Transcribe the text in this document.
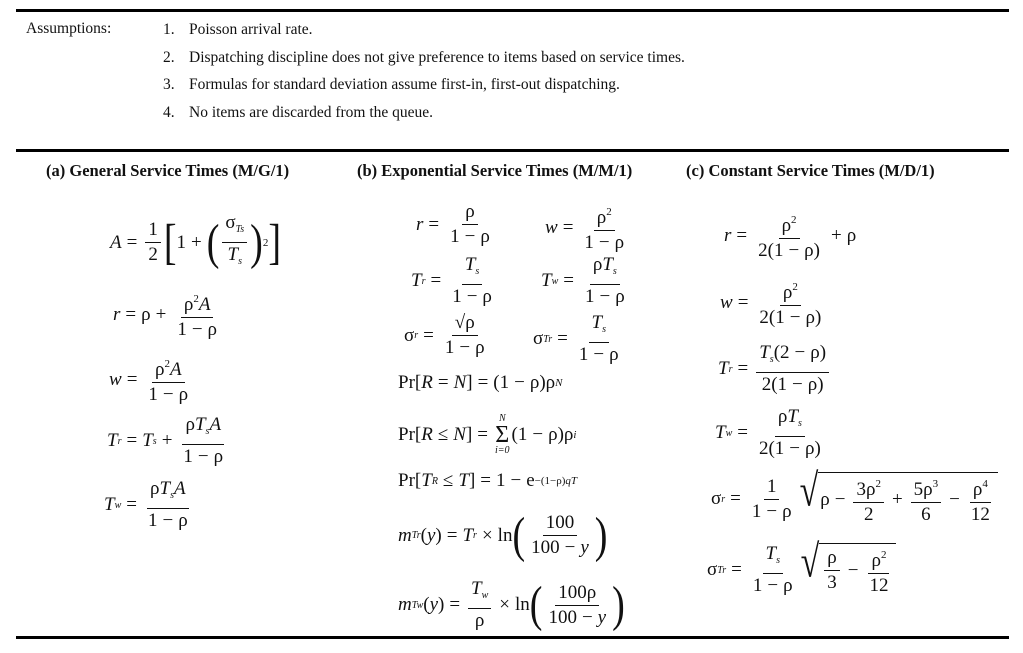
Assumptions:	1. Poisson arrival rate.
2. Dispatching discipline does not give preference to items based on service times.
3. Formulas for standard deviation assume first-in, first-out dispatching.
4. No items are discarded from the queue.
(a) General Service Times (M/G/1)	(b) Exponential Service Times (M/M/1)	(c) Constant Service Times (M/D/1)
$A = \frac{1}{2}$ [ 1 + ( $\frac{\sigma_{Ts}}{T_s}$ ) 2 ]
$r = \rho + \frac{\rho^2A}{1 - \rho}$
$w = \frac{\rho^2A}{1 - \rho}$
T r = T $s + \frac{\rho T_sA}{1 - \rho}$
T $w = \frac{\rho T_sA}{1 - \rho}$
$r = \frac{\rho}{1 - \rho}$	$w = \frac{\rho^2}{1 - \rho}$
T $r = \frac{T_s}{1 - \rho}$ T $w = \frac{\rho T_s}{1 - \rho}$
σ $r = \frac{√\rho}{1 - \rho}$ σ $Tr = \frac{T_s}{1 - \rho}$
Pr [ R = N ] = ( 1 − ρ ) ρ N
Pr [ R ≤ N ] =
N
Σ
i=0
( 1 − ρ ) ρ i
Pr [ T R ≤ T ] = 1 − e −(1−ρ)qT
m Tr ( y ) = T r × ln ( $\frac{100}{100 - y}$ )
m Tw ( y ) = $\frac{T_w}{\rho} \times \ln$ ( $\frac{100\rho}{100 - y}$ )
$r = \frac{\rho^2}{2(1 - \rho)} + \rho$
$w = \frac{\rho^2}{2(1 - \rho)}$
T $r = \frac{T_s(2 - \rho)}{2(1 - \rho)}$
T $w = \frac{\rho T_s}{2(1 - \rho)}$
σ $r = \frac{1}{1 - \rho}$ √ $\rho - \frac{3\rho^2}{2} + \frac{5\rho^3}{6} - \frac{\rho^4}{12}$
σ $Tr = \frac{T_s}{1 - \rho}$ √ $\frac{\rho}{3} - \frac{\rho^2}{12}$
